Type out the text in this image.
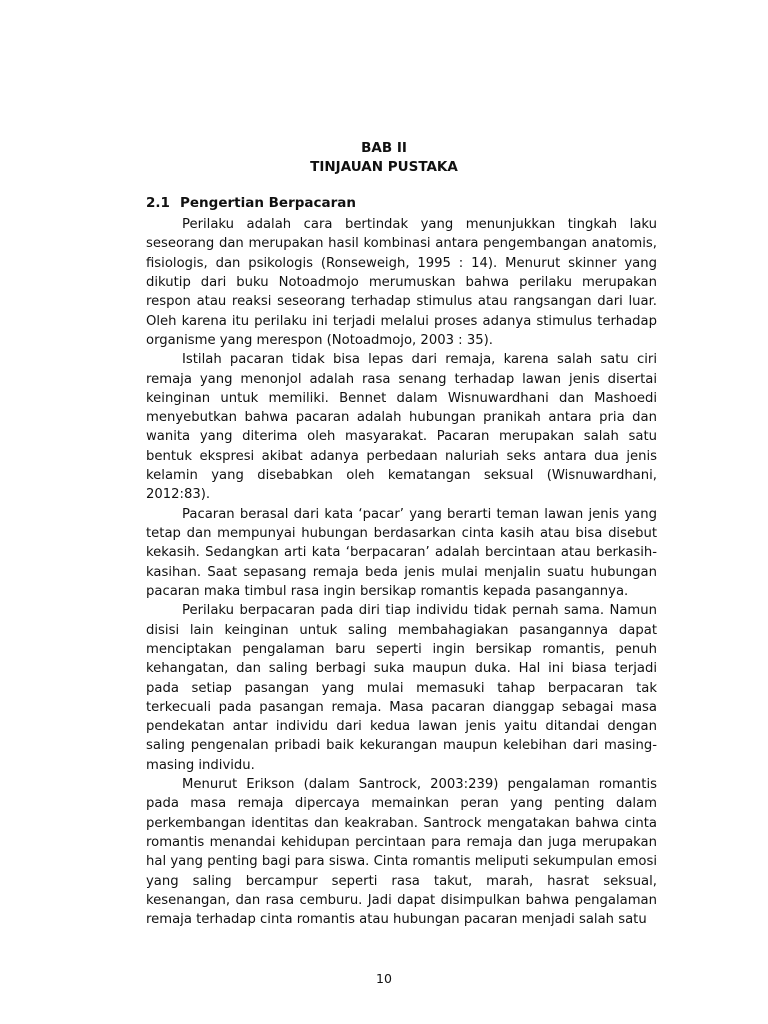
BAB II
TINJAUAN PUSTAKA
2.1 Pengertian Berpacaran

Perilaku adalah cara bertindak yang menunjukkan tingkah laku seseorang dan merupakan hasil kombinasi antara pengembangan anatomis, fisiologis, dan psikologis (Ronseweigh, 1995 : 14). Menurut skinner yang dikutip dari buku Notoadmojo merumuskan bahwa perilaku merupakan respon atau reaksi seseorang terhadap stimulus atau rangsangan dari luar. Oleh karena itu perilaku ini terjadi melalui proses adanya stimulus terhadap organisme yang merespon (Notoadmojo, 2003 : 35).

Istilah pacaran tidak bisa lepas dari remaja, karena salah satu ciri remaja yang menonjol adalah rasa senang terhadap lawan jenis disertai keinginan untuk memiliki. Bennet dalam Wisnuwardhani dan Mashoedi menyebutkan bahwa pacaran adalah hubungan pranikah antara pria dan wanita yang diterima oleh masyarakat. Pacaran merupakan salah satu bentuk ekspresi akibat adanya perbedaan naluriah seks antara dua jenis kelamin yang disebabkan oleh kematangan seksual (Wisnuwardhani, 2012:83).

Pacaran berasal dari kata ‘pacar’ yang berarti teman lawan jenis yang tetap dan mempunyai hubungan berdasarkan cinta kasih atau bisa disebut kekasih. Sedangkan arti kata ‘berpacaran’ adalah bercintaan atau berkasih-kasihan. Saat sepasang remaja beda jenis mulai menjalin suatu hubungan pacaran maka timbul rasa ingin bersikap romantis kepada pasangannya.

Perilaku berpacaran pada diri tiap individu tidak pernah sama. Namun disisi lain keinginan untuk saling membahagiakan pasangannya dapat menciptakan pengalaman baru seperti ingin bersikap romantis, penuh kehangatan, dan saling berbagi suka maupun duka. Hal ini biasa terjadi pada setiap pasangan yang mulai memasuki tahap berpacaran tak terkecuali pada pasangan remaja. Masa pacaran dianggap sebagai masa pendekatan antar individu dari kedua lawan jenis yaitu ditandai dengan saling pengenalan pribadi baik kekurangan maupun kelebihan dari masing-masing individu.

Menurut Erikson (dalam Santrock, 2003:239) pengalaman romantis pada masa remaja dipercaya memainkan peran yang penting dalam perkembangan identitas dan keakraban. Santrock mengatakan bahwa cinta romantis menandai kehidupan percintaan para remaja dan juga merupakan hal yang penting bagi para siswa. Cinta romantis meliputi sekumpulan emosi yang saling bercampur seperti rasa takut, marah, hasrat seksual, kesenangan, dan rasa cemburu. Jadi dapat disimpulkan bahwa pengalaman remaja terhadap cinta romantis atau hubungan pacaran menjadi salah satu

10
